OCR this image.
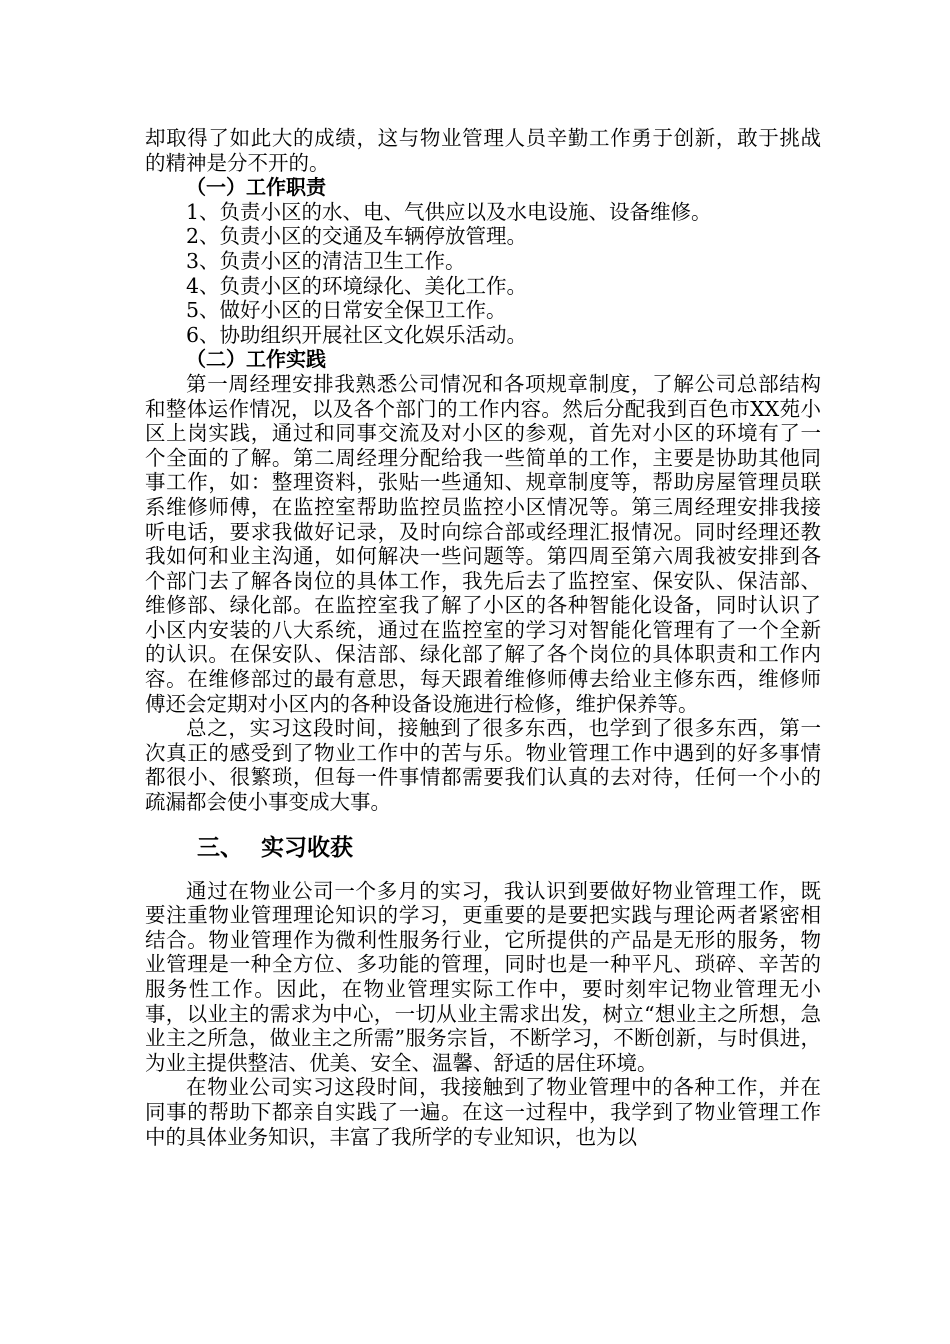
却取得了如此大的成绩，这与物业管理人员辛勤工作勇于创新，敢于挑战的精神是分不开的。

（一）工作职责

1、负责小区的水、电、气供应以及水电设施、设备维修。

2、负责小区的交通及车辆停放管理。

3、负责小区的清洁卫生工作。

4、负责小区的环境绿化、美化工作。

5、做好小区的日常安全保卫工作。

6、协助组织开展社区文化娱乐活动。

（二）工作实践

第一周经理安排我熟悉公司情况和各项规章制度，了解公司总部结构和整体运作情况，以及各个部门的工作内容。然后分配我到百色市XX苑小区上岗实践，通过和同事交流及对小区的参观，首先对小区的环境有了一个全面的了解。第二周经理分配给我一些简单的工作，主要是协助其他同事工作，如：整理资料，张贴一些通知、规章制度等，帮助房屋管理员联系维修师傅，在监控室帮助监控员监控小区情况等。第三周经理安排我接听电话，要求我做好记录，及时向综合部或经理汇报情况。同时经理还教我如何和业主沟通，如何解决一些问题等。第四周至第六周我被安排到各个部门去了解各岗位的具体工作，我先后去了监控室、保安队、保洁部、维修部、绿化部。在监控室我了解了小区的各种智能化设备，同时认识了小区内安装的八大系统，通过在监控室的学习对智能化管理有了一个全新的认识。在保安队、保洁部、绿化部了解了各个岗位的具体职责和工作内容。在维修部过的最有意思，每天跟着维修师傅去给业主修东西，维修师傅还会定期对小区内的各种设备设施进行检修，维护保养等。

总之，实习这段时间，接触到了很多东西，也学到了很多东西，第一次真正的感受到了物业工作中的苦与乐。物业管理工作中遇到的好多事情都很小、很繁琐，但每一件事情都需要我们认真的去对待，任何一个小的疏漏都会使小事变成大事。

三、 实习收获

通过在物业公司一个多月的实习，我认识到要做好物业管理工作，既要注重物业管理理论知识的学习，更重要的是要把实践与理论两者紧密相结合。物业管理作为微利性服务行业，它所提供的产品是无形的服务，物业管理是一种全方位、多功能的管理，同时也是一种平凡、琐碎、辛苦的服务性工作。因此，在物业管理实际工作中，要时刻牢记物业管理无小事，以业主的需求为中心，一切从业主需求出发，树立“想业主之所想，急业主之所急，做业主之所需”服务宗旨，不断学习，不断创新，与时俱进，为业主提供整洁、优美、安全、温馨、舒适的居住环境。

在物业公司实习这段时间，我接触到了物业管理中的各种工作，并在同事的帮助下都亲自实践了一遍。在这一过程中，我学到了物业管理工作中的具体业务知识，丰富了我所学的专业知识，也为以
